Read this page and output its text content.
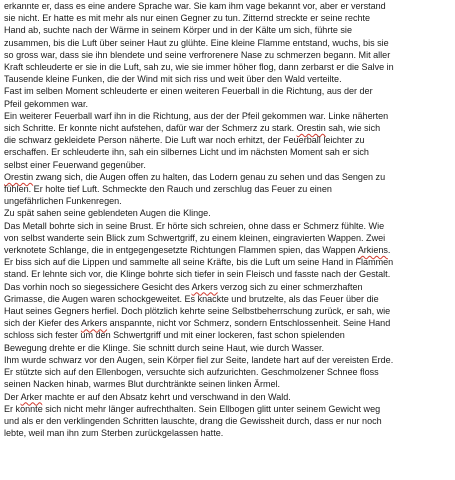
erkannte er, dass es eine andere Sprache war. Sie kam ihm vage bekannt vor, aber er verstand

sie nicht. Er hatte es mit mehr als nur einen Gegner zu tun. Zitternd streckte er seine rechte

Hand ab, suchte nach der Wärme in seinem Körper und in der Kälte um sich, führte sie

zusammen, bis die Luft über seiner Haut zu glühte. Eine kleine Flamme entstand, wuchs, bis sie

so gross war, dass sie ihn blendete und seine verfrorenere Nase zu schmerzen begann. Mit aller

Kraft schleuderte er sie in die Luft, sah zu, wie sie immer höher flog, dann zerbarst er die Salve in

Tausende kleine Funken, die der Wind mit sich riss und weit über den Wald verteilte.

Fast im selben Moment schleuderte er einen weiteren Feuerball in die Richtung, aus der der

Pfeil gekommen war.

Ein weiterer Feuerball warf ihn in die Richtung, aus der der Pfeil gekommen war. Linke näherten

sich Schritte. Er konnte nicht aufstehen, dafür war der Schmerz zu stark. Orestin sah, wie sich

die schwarz gekleidete Person näherte. Die Luft war noch erhitzt, der Feuerball leichter zu

erschaffen. Er schleuderte ihn, sah ein silbernes Licht und im nächsten Moment sah er sich

selbst einer Feuerwand gegenüber.

Orestin zwang sich, die Augen offen zu halten, das Lodern genau zu sehen und das Sengen zu

fühlen. Er holte tief Luft. Schmeckte den Rauch und zerschlug das Feuer zu einen

ungefährlichen Funkenregen.

Zu spät sahen seine geblendeten Augen die Klinge.

Das Metall bohrte sich in seine Brust. Er hörte sich schreien, ohne dass er Schmerz fühlte. Wie

von selbst wanderte sein Blick zum Schwertgriff, zu einem kleinen, eingravierten Wappen. Zwei

verknotete Schlange, die in entgegengesetzte Richtungen Flammen spien, das Wappen Arkiens.

Er biss sich auf die Lippen und sammelte all seine Kräfte, bis die Luft um seine Hand in Flammen

stand. Er lehnte sich vor, die Klinge bohrte sich tiefer in sein Fleisch und fasste nach der Gestalt.

Das vorhin noch so siegessichere Gesicht des Arkers verzog sich zu einer schmerzhaften

Grimasse, die Augen waren schockgeweitet. Es knackte und brutzelte, als das Feuer über die

Haut seines Gegners herfiel. Doch plötzlich kehrte seine Selbstbeherrschung zurück, er sah, wie

sich der Kiefer des Arkers anspannte, nicht vor Schmerz, sondern Entschlossenheit. Seine Hand

schloss sich fester um den Schwertgriff und mit einer lockeren, fast schon spielenden

Bewegung drehte er die Klinge. Sie schnitt durch seine Haut, wie durch Wasser.

Ihm wurde schwarz vor den Augen, sein Körper fiel zur Seite, landete hart auf der vereisten Erde.

Er stützte sich auf den Ellenbogen, versuchte sich aufzurichten. Geschmolzener Schnee floss

seinen Nacken hinab, warmes Blut durchtränkte seinen linken Ärmel.

Der Arker machte er auf den Absatz kehrt und verschwand in den Wald.

Er konnte sich nicht mehr länger aufrechthalten. Sein Ellbogen glitt unter seinem Gewicht weg

und als er den verklingenden Schritten lauschte, drang die Gewissheit durch, dass er nur noch

lebte, weil man ihn zum Sterben zurückgelassen hatte.
